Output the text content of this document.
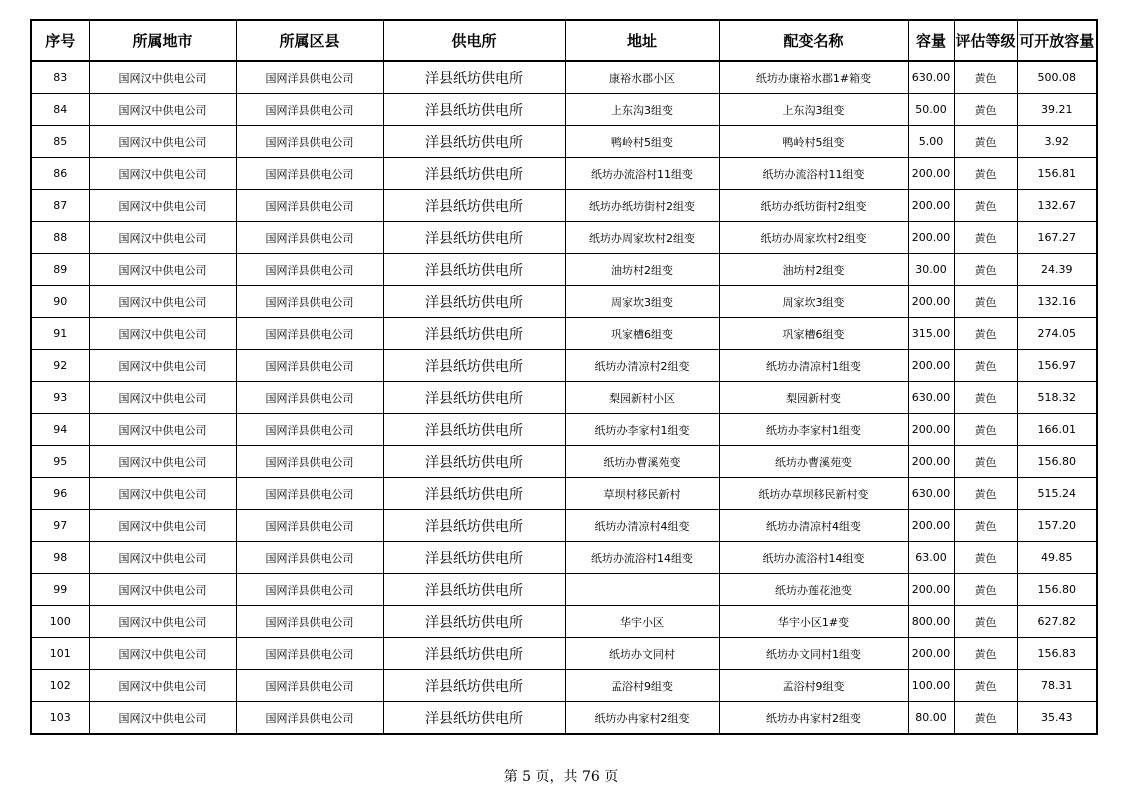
序号	所属地市	所属区县	供电所	地址	配变名称	容量	评估等级	可开放容量
83	国网汉中供电公司	国网洋县供电公司	洋县纸坊供电所	康裕水郡小区	纸坊办康裕水郡1#箱变	630.00	黄色	500.08
84	国网汉中供电公司	国网洋县供电公司	洋县纸坊供电所	上东沟3组变	上东沟3组变	50.00	黄色	39.21
85	国网汉中供电公司	国网洋县供电公司	洋县纸坊供电所	鸭岭村5组变	鸭岭村5组变	5.00	黄色	3.92
86	国网汉中供电公司	国网洋县供电公司	洋县纸坊供电所	纸坊办流浴村11组变	纸坊办流浴村11组变	200.00	黄色	156.81
87	国网汉中供电公司	国网洋县供电公司	洋县纸坊供电所	纸坊办纸坊街村2组变	纸坊办纸坊街村2组变	200.00	黄色	132.67
88	国网汉中供电公司	国网洋县供电公司	洋县纸坊供电所	纸坊办周家坎村2组变	纸坊办周家坎村2组变	200.00	黄色	167.27
89	国网汉中供电公司	国网洋县供电公司	洋县纸坊供电所	油坊村2组变	油坊村2组变	30.00	黄色	24.39
90	国网汉中供电公司	国网洋县供电公司	洋县纸坊供电所	周家坎3组变	周家坎3组变	200.00	黄色	132.16
91	国网汉中供电公司	国网洋县供电公司	洋县纸坊供电所	巩家槽6组变	巩家槽6组变	315.00	黄色	274.05
92	国网汉中供电公司	国网洋县供电公司	洋县纸坊供电所	纸坊办清凉村2组变	纸坊办清凉村1组变	200.00	黄色	156.97
93	国网汉中供电公司	国网洋县供电公司	洋县纸坊供电所	梨园新村小区	梨园新村变	630.00	黄色	518.32
94	国网汉中供电公司	国网洋县供电公司	洋县纸坊供电所	纸坊办李家村1组变	纸坊办李家村1组变	200.00	黄色	166.01
95	国网汉中供电公司	国网洋县供电公司	洋县纸坊供电所	纸坊办曹溪苑变	纸坊办曹溪苑变	200.00	黄色	156.80
96	国网汉中供电公司	国网洋县供电公司	洋县纸坊供电所	草坝村移民新村	纸坊办草坝移民新村变	630.00	黄色	515.24
97	国网汉中供电公司	国网洋县供电公司	洋县纸坊供电所	纸坊办清凉村4组变	纸坊办清凉村4组变	200.00	黄色	157.20
98	国网汉中供电公司	国网洋县供电公司	洋县纸坊供电所	纸坊办流浴村14组变	纸坊办流浴村14组变	63.00	黄色	49.85
99	国网汉中供电公司	国网洋县供电公司	洋县纸坊供电所		纸坊办莲花池变	200.00	黄色	156.80
100	国网汉中供电公司	国网洋县供电公司	洋县纸坊供电所	华宇小区	华宇小区1#变	800.00	黄色	627.82
101	国网汉中供电公司	国网洋县供电公司	洋县纸坊供电所	纸坊办文同村	纸坊办文同村1组变	200.00	黄色	156.83
102	国网汉中供电公司	国网洋县供电公司	洋县纸坊供电所	孟浴村9组变	孟浴村9组变	100.00	黄色	78.31
103	国网汉中供电公司	国网洋县供电公司	洋县纸坊供电所	纸坊办冉家村2组变	纸坊办冉家村2组变	80.00	黄色	35.43
第 5 页，共 76 页
